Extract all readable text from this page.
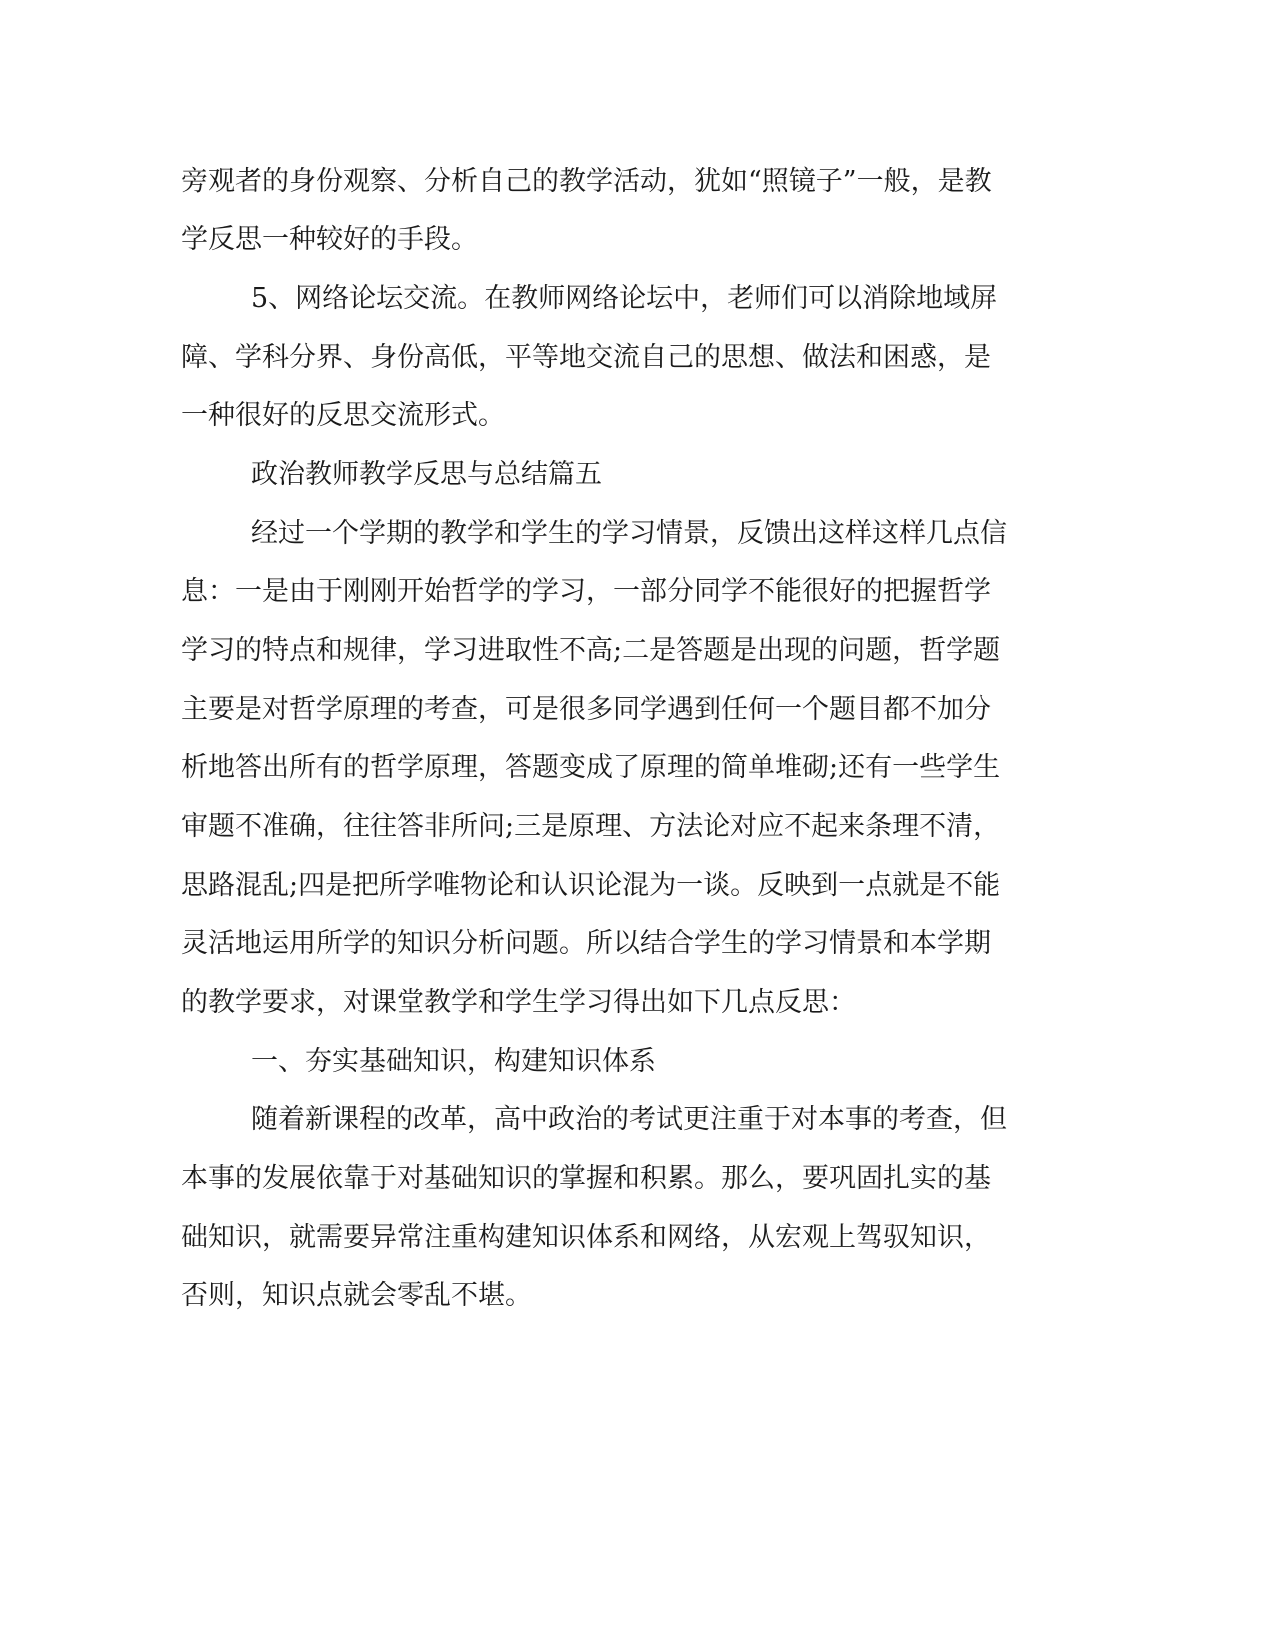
旁观者的身份观察、分析自己的教学活动，犹如“照镜子”一般，是教
学反思一种较好的手段。
5、网络论坛交流。在教师网络论坛中，老师们可以消除地域屏
障、学科分界、身份高低，平等地交流自己的思想、做法和困惑，是
一种很好的反思交流形式。
政治教师教学反思与总结篇五
经过一个学期的教学和学生的学习情景，反馈出这样这样几点信
息：一是由于刚刚开始哲学的学习，一部分同学不能很好的把握哲学
学习的特点和规律，学习进取性不高;二是答题是出现的问题，哲学题
主要是对哲学原理的考查，可是很多同学遇到任何一个题目都不加分
析地答出所有的哲学原理，答题变成了原理的简单堆砌;还有一些学生
审题不准确，往往答非所问;三是原理、方法论对应不起来条理不清，
思路混乱;四是把所学唯物论和认识论混为一谈。反映到一点就是不能
灵活地运用所学的知识分析问题。所以结合学生的学习情景和本学期
的教学要求，对课堂教学和学生学习得出如下几点反思：
一、夯实基础知识，构建知识体系
随着新课程的改革，高中政治的考试更注重于对本事的考查，但
本事的发展依靠于对基础知识的掌握和积累。那么，要巩固扎实的基
础知识，就需要异常注重构建知识体系和网络，从宏观上驾驭知识，
否则，知识点就会零乱不堪。
